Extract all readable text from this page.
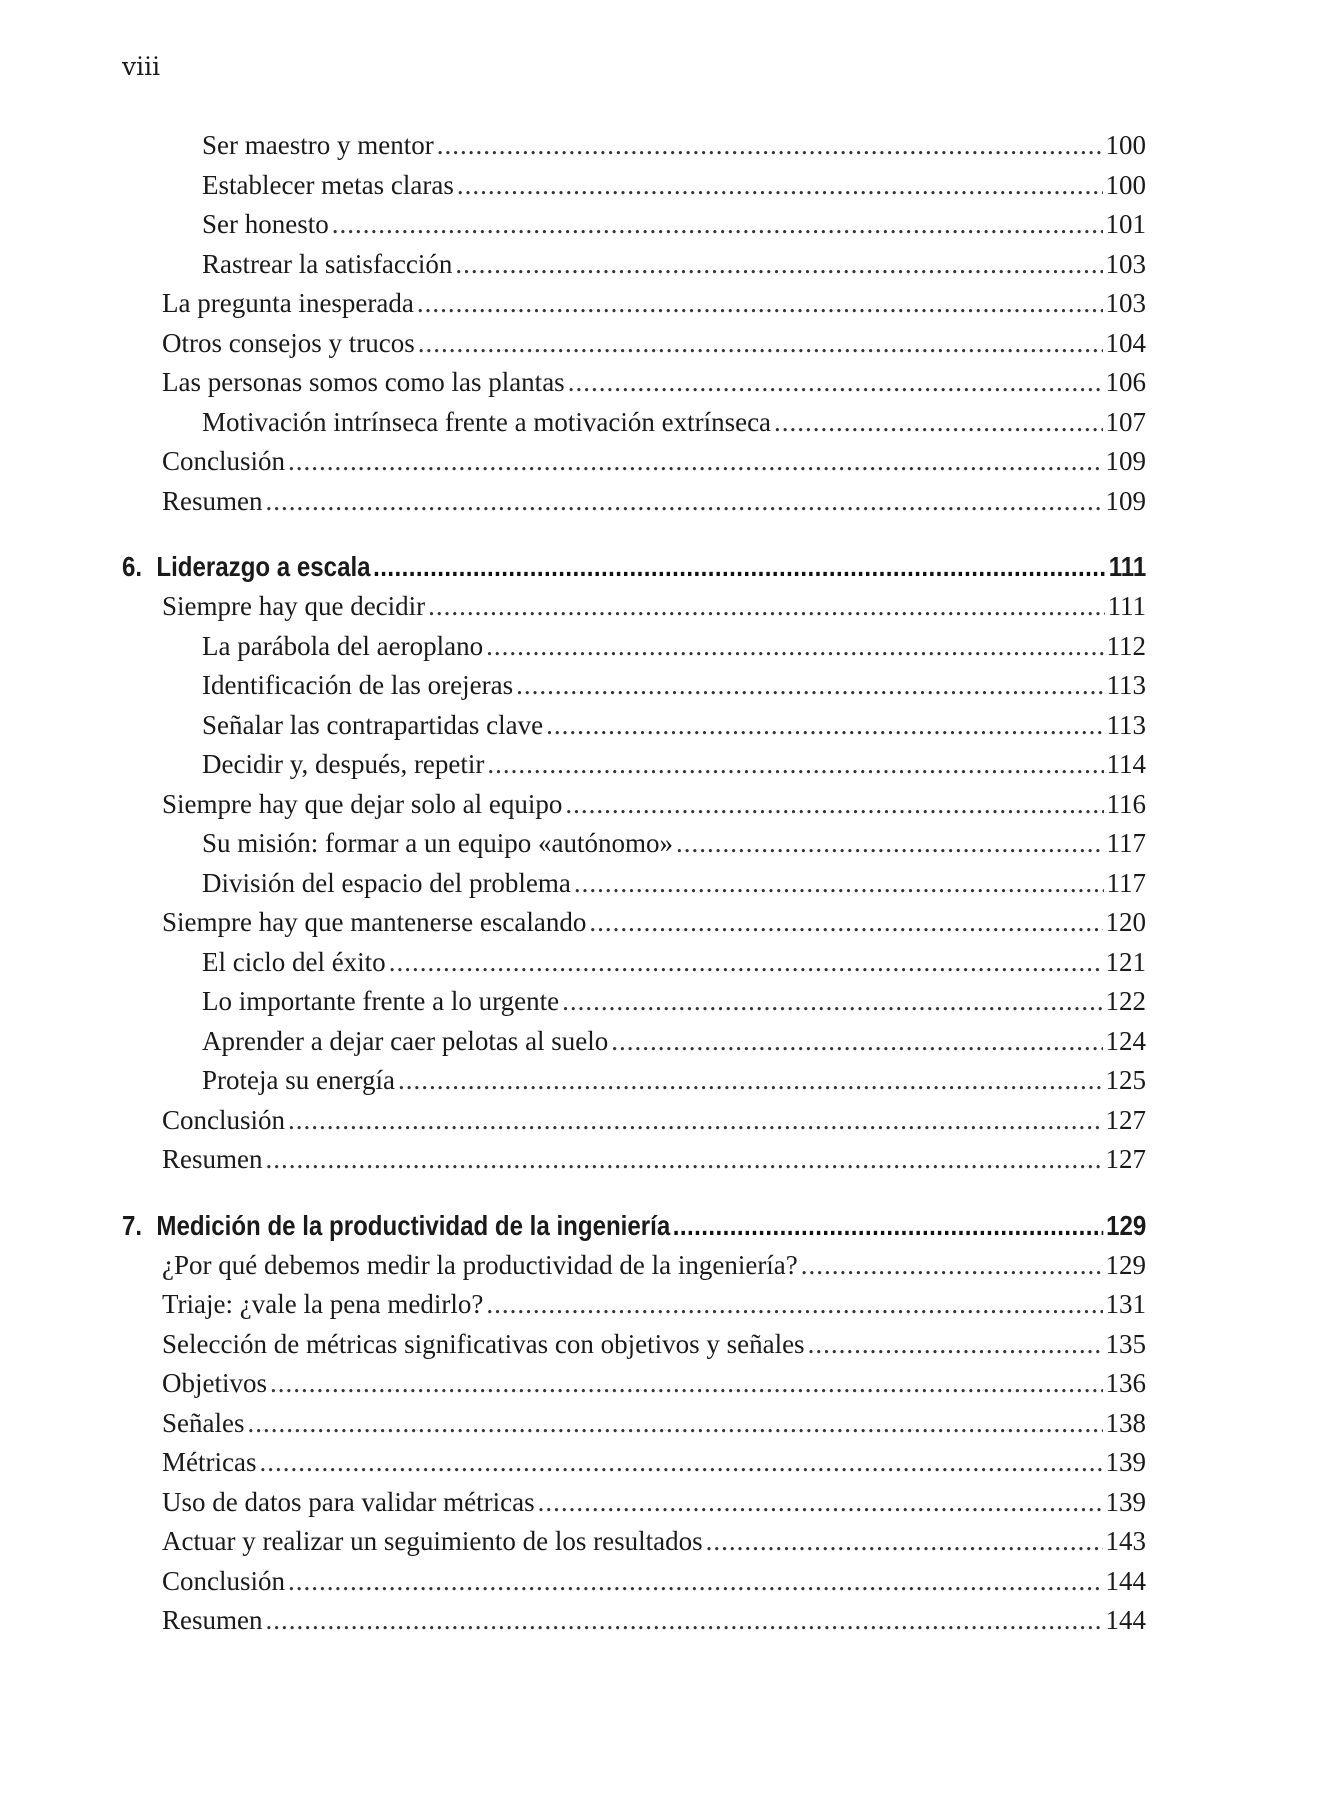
viii
Ser maestro y mentor .....	100
Establecer metas claras .....	100
Ser honesto .....	101
Rastrear la satisfacción .....	103
La pregunta inesperada .....	103
Otros consejos y trucos .....	104
Las personas somos como las plantas .....	106
Motivación intrínseca frente a motivación extrínseca .....	107
Conclusión .....	109
Resumen .....	109
6. Liderazgo a escala .....	111
Siempre hay que decidir .....	111
La parábola del aeroplano .....	112
Identificación de las orejeras .....	113
Señalar las contrapartidas clave .....	113
Decidir y, después, repetir .....	114
Siempre hay que dejar solo al equipo .....	116
Su misión: formar a un equipo «autónomo» .....	117
División del espacio del problema .....	117
Siempre hay que mantenerse escalando .....	120
El ciclo del éxito .....	121
Lo importante frente a lo urgente .....	122
Aprender a dejar caer pelotas al suelo .....	124
Proteja su energía .....	125
Conclusión .....	127
Resumen .....	127
7. Medición de la productividad de la ingeniería .....	129
¿Por qué debemos medir la productividad de la ingeniería? .....	129
Triaje: ¿vale la pena medirlo? .....	131
Selección de métricas significativas con objetivos y señales .....	135
Objetivos .....	136
Señales .....	138
Métricas .....	139
Uso de datos para validar métricas .....	139
Actuar y realizar un seguimiento de los resultados .....	143
Conclusión .....	144
Resumen .....	144
